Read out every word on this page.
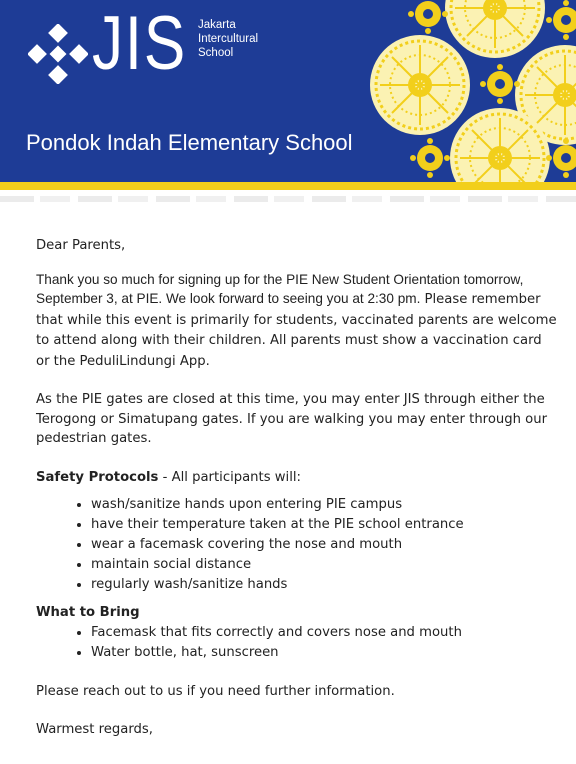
JIS Jakarta
Intercultural
School
Pondok Indah Elementary School

Dear Parents,

Thank you so much for signing up for the PIE New Student Orientation tomorrow, September 3, at PIE. We look forward to seeing you at 2:30 pm. Please remember that while this event is primarily for students, vaccinated parents are welcome to attend along with their children. All parents must show a vaccination card or the PeduliLindungi App.

As the PIE gates are closed at this time, you may enter JIS through either the Terogong or Simatupang gates. If you are walking you may enter through our pedestrian gates.

Safety Protocols - All participants will:

• wash/sanitize hands upon entering PIE campus
• have their temperature taken at the PIE school entrance
• wear a facemask covering the nose and mouth
• maintain social distance
• regularly wash/sanitize hands

What to Bring

• Facemask that fits correctly and covers nose and mouth
• Water bottle, hat, sunscreen

Please reach out to us if you need further information.

Warmest regards,
